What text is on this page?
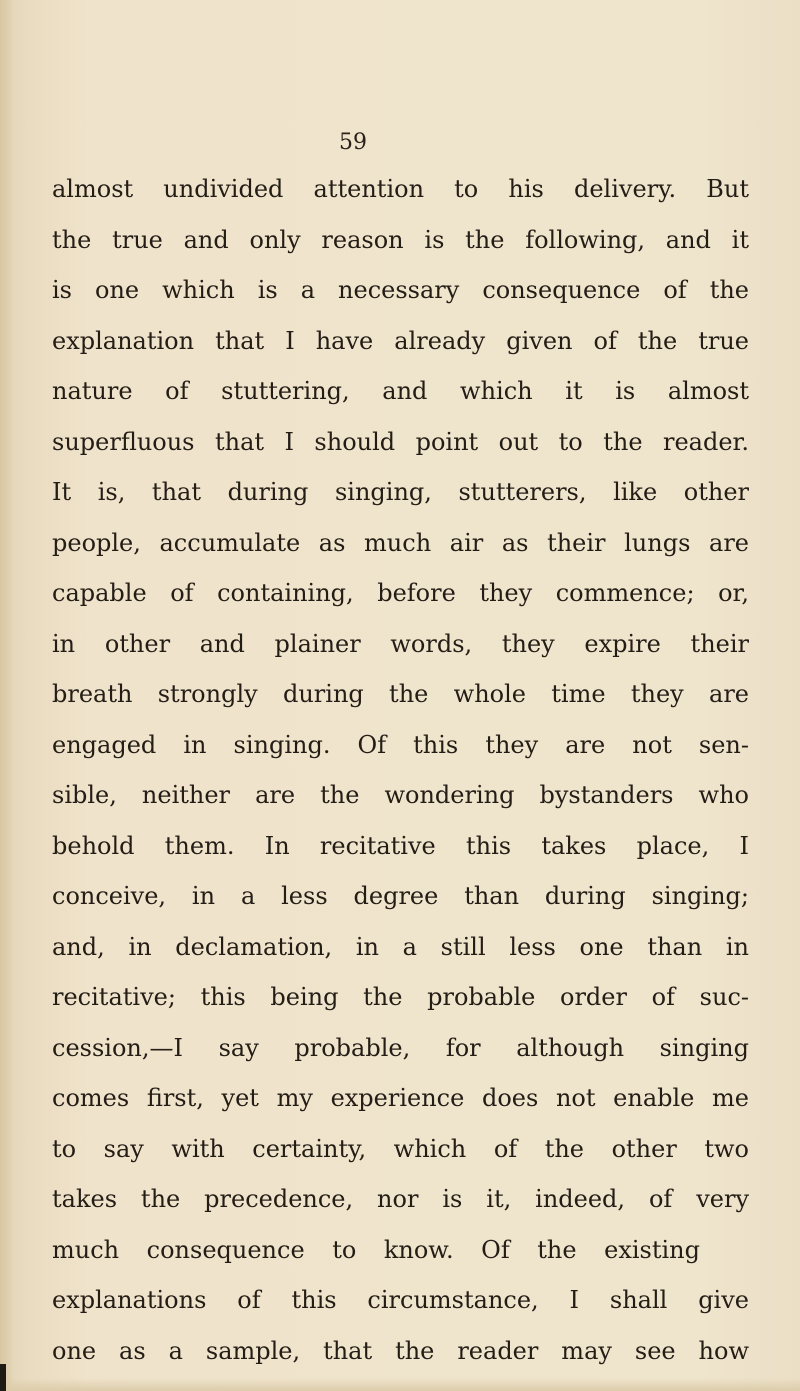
59
almost undivided attention to his delivery. But
the true and only reason is the following, and it
is one which is a necessary consequence of the
explanation that I have already given of the true
nature of stuttering, and which it is almost
superfluous that I should point out to the reader.
It is, that during singing, stutterers, like other
people, accumulate as much air as their lungs are
capable of containing, before they commence; or,
in other and plainer words, they expire their
breath strongly during the whole time they are
engaged in singing. Of this they are not sen-
sible, neither are the wondering bystanders who
behold them. In recitative this takes place, I
conceive, in a less degree than during singing;
and, in declamation, in a still less one than in
recitative; this being the probable order of suc-
cession,—I say probable, for although singing
comes first, yet my experience does not enable me
to say with certainty, which of the other two
takes the precedence, nor is it, indeed, of very
much consequence to know. Of the existing
explanations of this circumstance, I shall give
one as a sample, that the reader may see how
